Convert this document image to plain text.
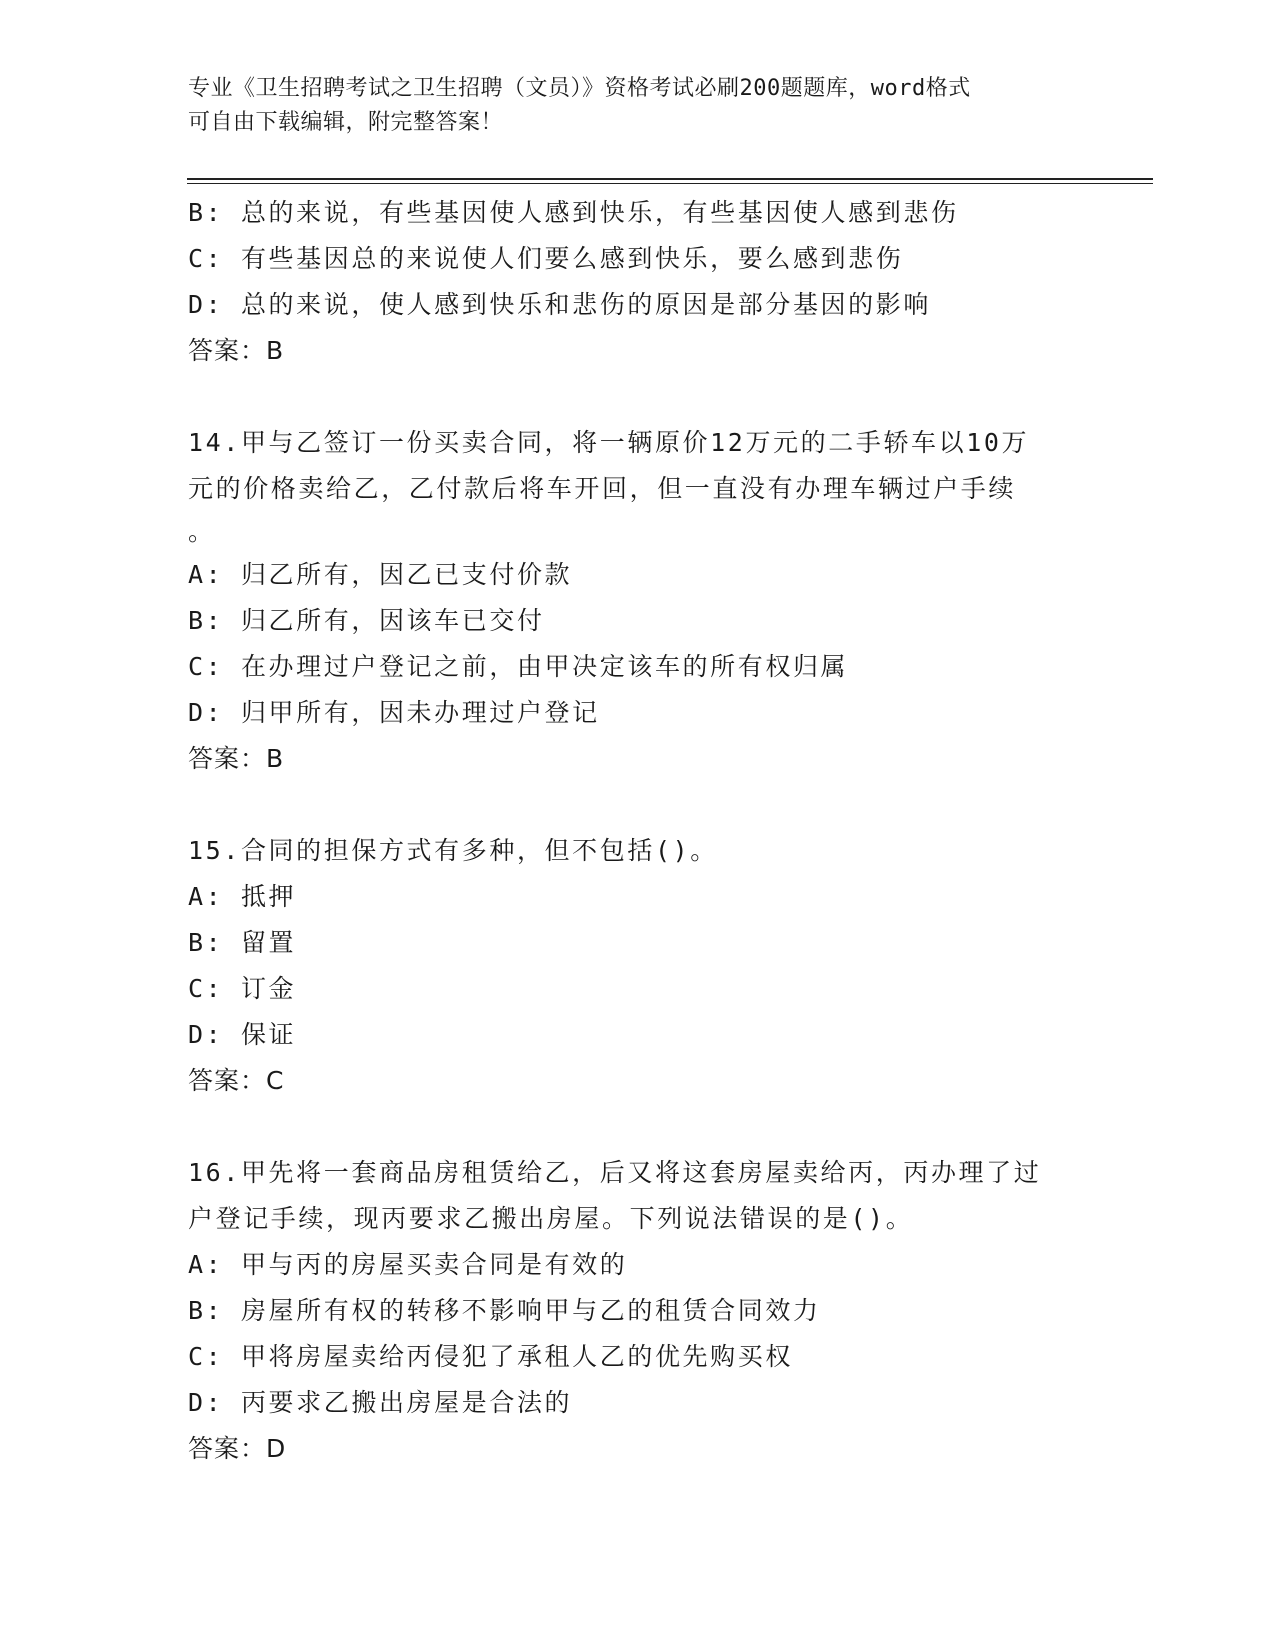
专业《卫生招聘考试之卫生招聘（文员）》资格考试必刷200题题库，word格式
可自由下载编辑，附完整答案！
B: 总的来说，有些基因使人感到快乐，有些基因使人感到悲伤
C: 有些基因总的来说使人们要么感到快乐，要么感到悲伤
D: 总的来说，使人感到快乐和悲伤的原因是部分基因的影响
答案：B
14.甲与乙签订一份买卖合同，将一辆原价12万元的二手轿车以10万
元的价格卖给乙，乙付款后将车开回，但一直没有办理车辆过户手续
。
A: 归乙所有，因乙已支付价款
B: 归乙所有，因该车已交付
C: 在办理过户登记之前，由甲决定该车的所有权归属
D: 归甲所有，因未办理过户登记
答案：B
15.合同的担保方式有多种，但不包括()。
A: 抵押
B: 留置
C: 订金
D: 保证
答案：C
16.甲先将一套商品房租赁给乙，后又将这套房屋卖给丙，丙办理了过
户登记手续，现丙要求乙搬出房屋。下列说法错误的是()。
A: 甲与丙的房屋买卖合同是有效的
B: 房屋所有权的转移不影响甲与乙的租赁合同效力
C: 甲将房屋卖给丙侵犯了承租人乙的优先购买权
D: 丙要求乙搬出房屋是合法的
答案：D
